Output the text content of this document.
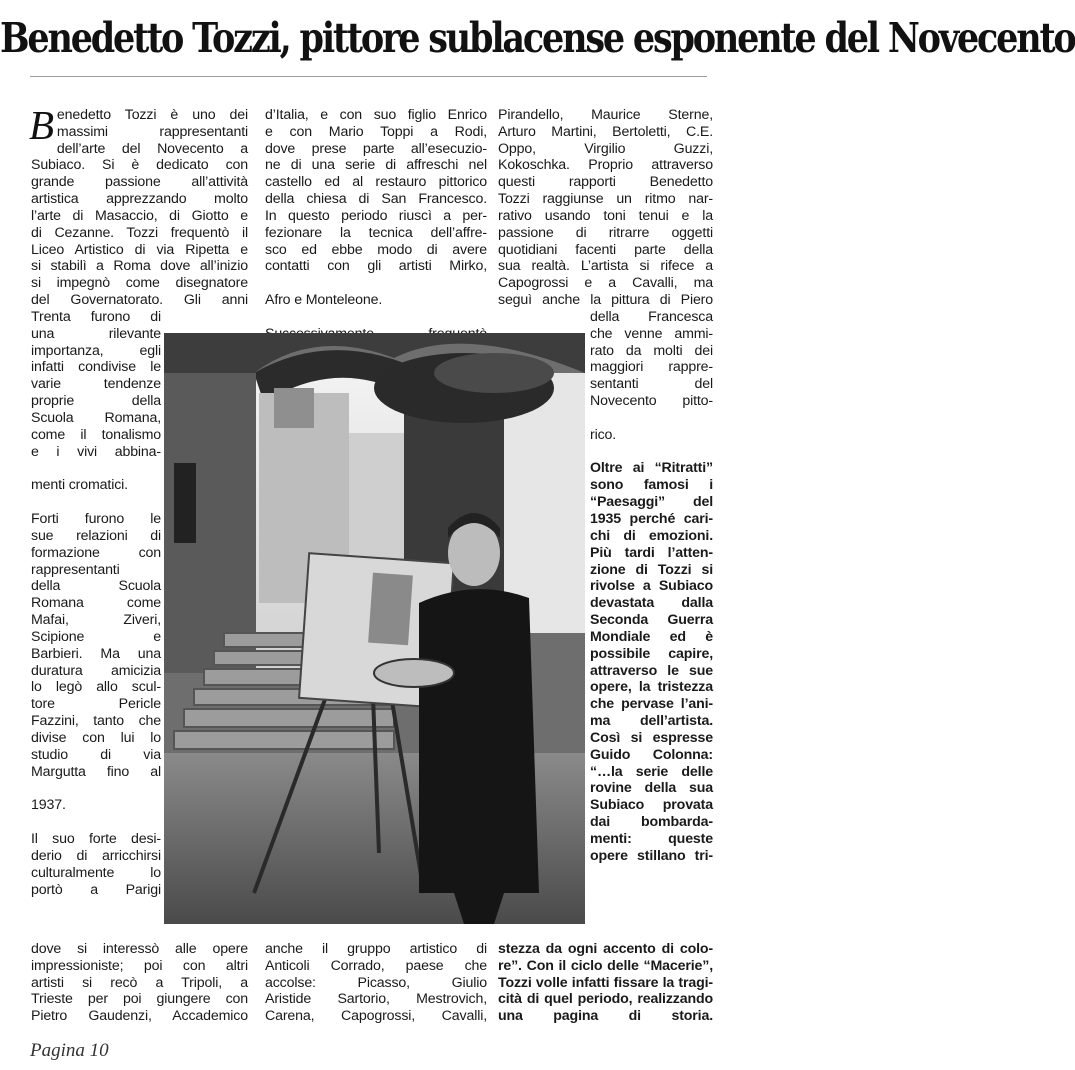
Benedetto Tozzi, pittore sublacense esponente del Novecento

B enedetto Tozzi è uno dei
massimi rappresentanti
dell’arte del Novecento a
Subiaco. Si è dedicato con
grande passione all’attività
artistica apprezzando molto
l’arte di Masaccio, di Giotto e
di Cezanne. Tozzi frequentò il
Liceo Artistico di via Ripetta e
si stabilì a Roma dove all’inizio
si impegnò come disegnatore
del Governatorato. Gli anni

Trenta furono di
una rilevante
importanza, egli
infatti condivise le
varie tendenze
proprie della
Scuola Romana,
come il tonalismo
e i vivi abbina-

menti cromatici.

Forti furono le
sue relazioni di
formazione con
rappresentanti
della Scuola
Romana come
Mafai, Ziveri,
Scipione e
Barbieri. Ma una
duratura amicizia
lo legò allo scul-
tore Pericle
Fazzini, tanto che
divise con lui lo
studio di via
Margutta fino al

1937.

Il suo forte desi-
derio di arricchirsi
culturalmente lo
portò a Parigi

dove si interessò alle opere
impressioniste; poi con altri
artisti si recò a Tripoli, a
Trieste per poi giungere con
Pietro Gaudenzi, Accademico

d’Italia, e con suo figlio Enrico
e con Mario Toppi a Rodi,
dove prese parte all’esecuzio-
ne di una serie di affreschi nel
castello ed al restauro pittorico
della chiesa di San Francesco.
In questo periodo riuscì a per-
fezionare la tecnica dell’affre-
sco ed ebbe modo di avere
contatti con gli artisti Mirko,

Afro e Monteleone.

anche il gruppo artistico di
Anticoli Corrado, paese che
accolse: Picasso, Giulio
Aristide Sartorio, Mestrovich,
Carena, Capogrossi, Cavalli,

Pirandello, Maurice Sterne,
Arturo Martini, Bertoletti, C.E.
Oppo, Virgilio Guzzi,
Kokoschka. Proprio attraverso
questi rapporti Benedetto
Tozzi raggiunse un ritmo nar-
rativo usando toni tenui e la
passione di ritrarre oggetti
quotidiani facenti parte della
sua realtà. L’artista si rifece a
Capogrossi e a Cavalli, ma
seguì anche la pittura di Piero

della Francesca
che venne ammi-
rato da molti dei
maggiori rappre-
sentanti del
Novecento pitto-

rico.

Oltre ai “Ritratti”
sono famosi i
“Paesaggi” del
1935 perché cari-
chi di emozioni.
Più tardi l’atten-
zione di Tozzi si
rivolse a Subiaco
devastata dalla
Seconda Guerra
Mondiale ed è
possibile capire,
attraverso le sue
opere, la tristezza
che pervase l’ani-
ma dell’artista.
Così si espresse
Guido Colonna:
“…la serie delle
rovine della sua
Subiaco provata
dai bombarda-
menti: queste
opere stillano tri-

stezza da ogni accento di colo-
re”. Con il ciclo delle “Macerie”,
Tozzi volle infatti fissare la tragi-
cità di quel periodo, realizzando
una pagina di storia.

Pagina 10
